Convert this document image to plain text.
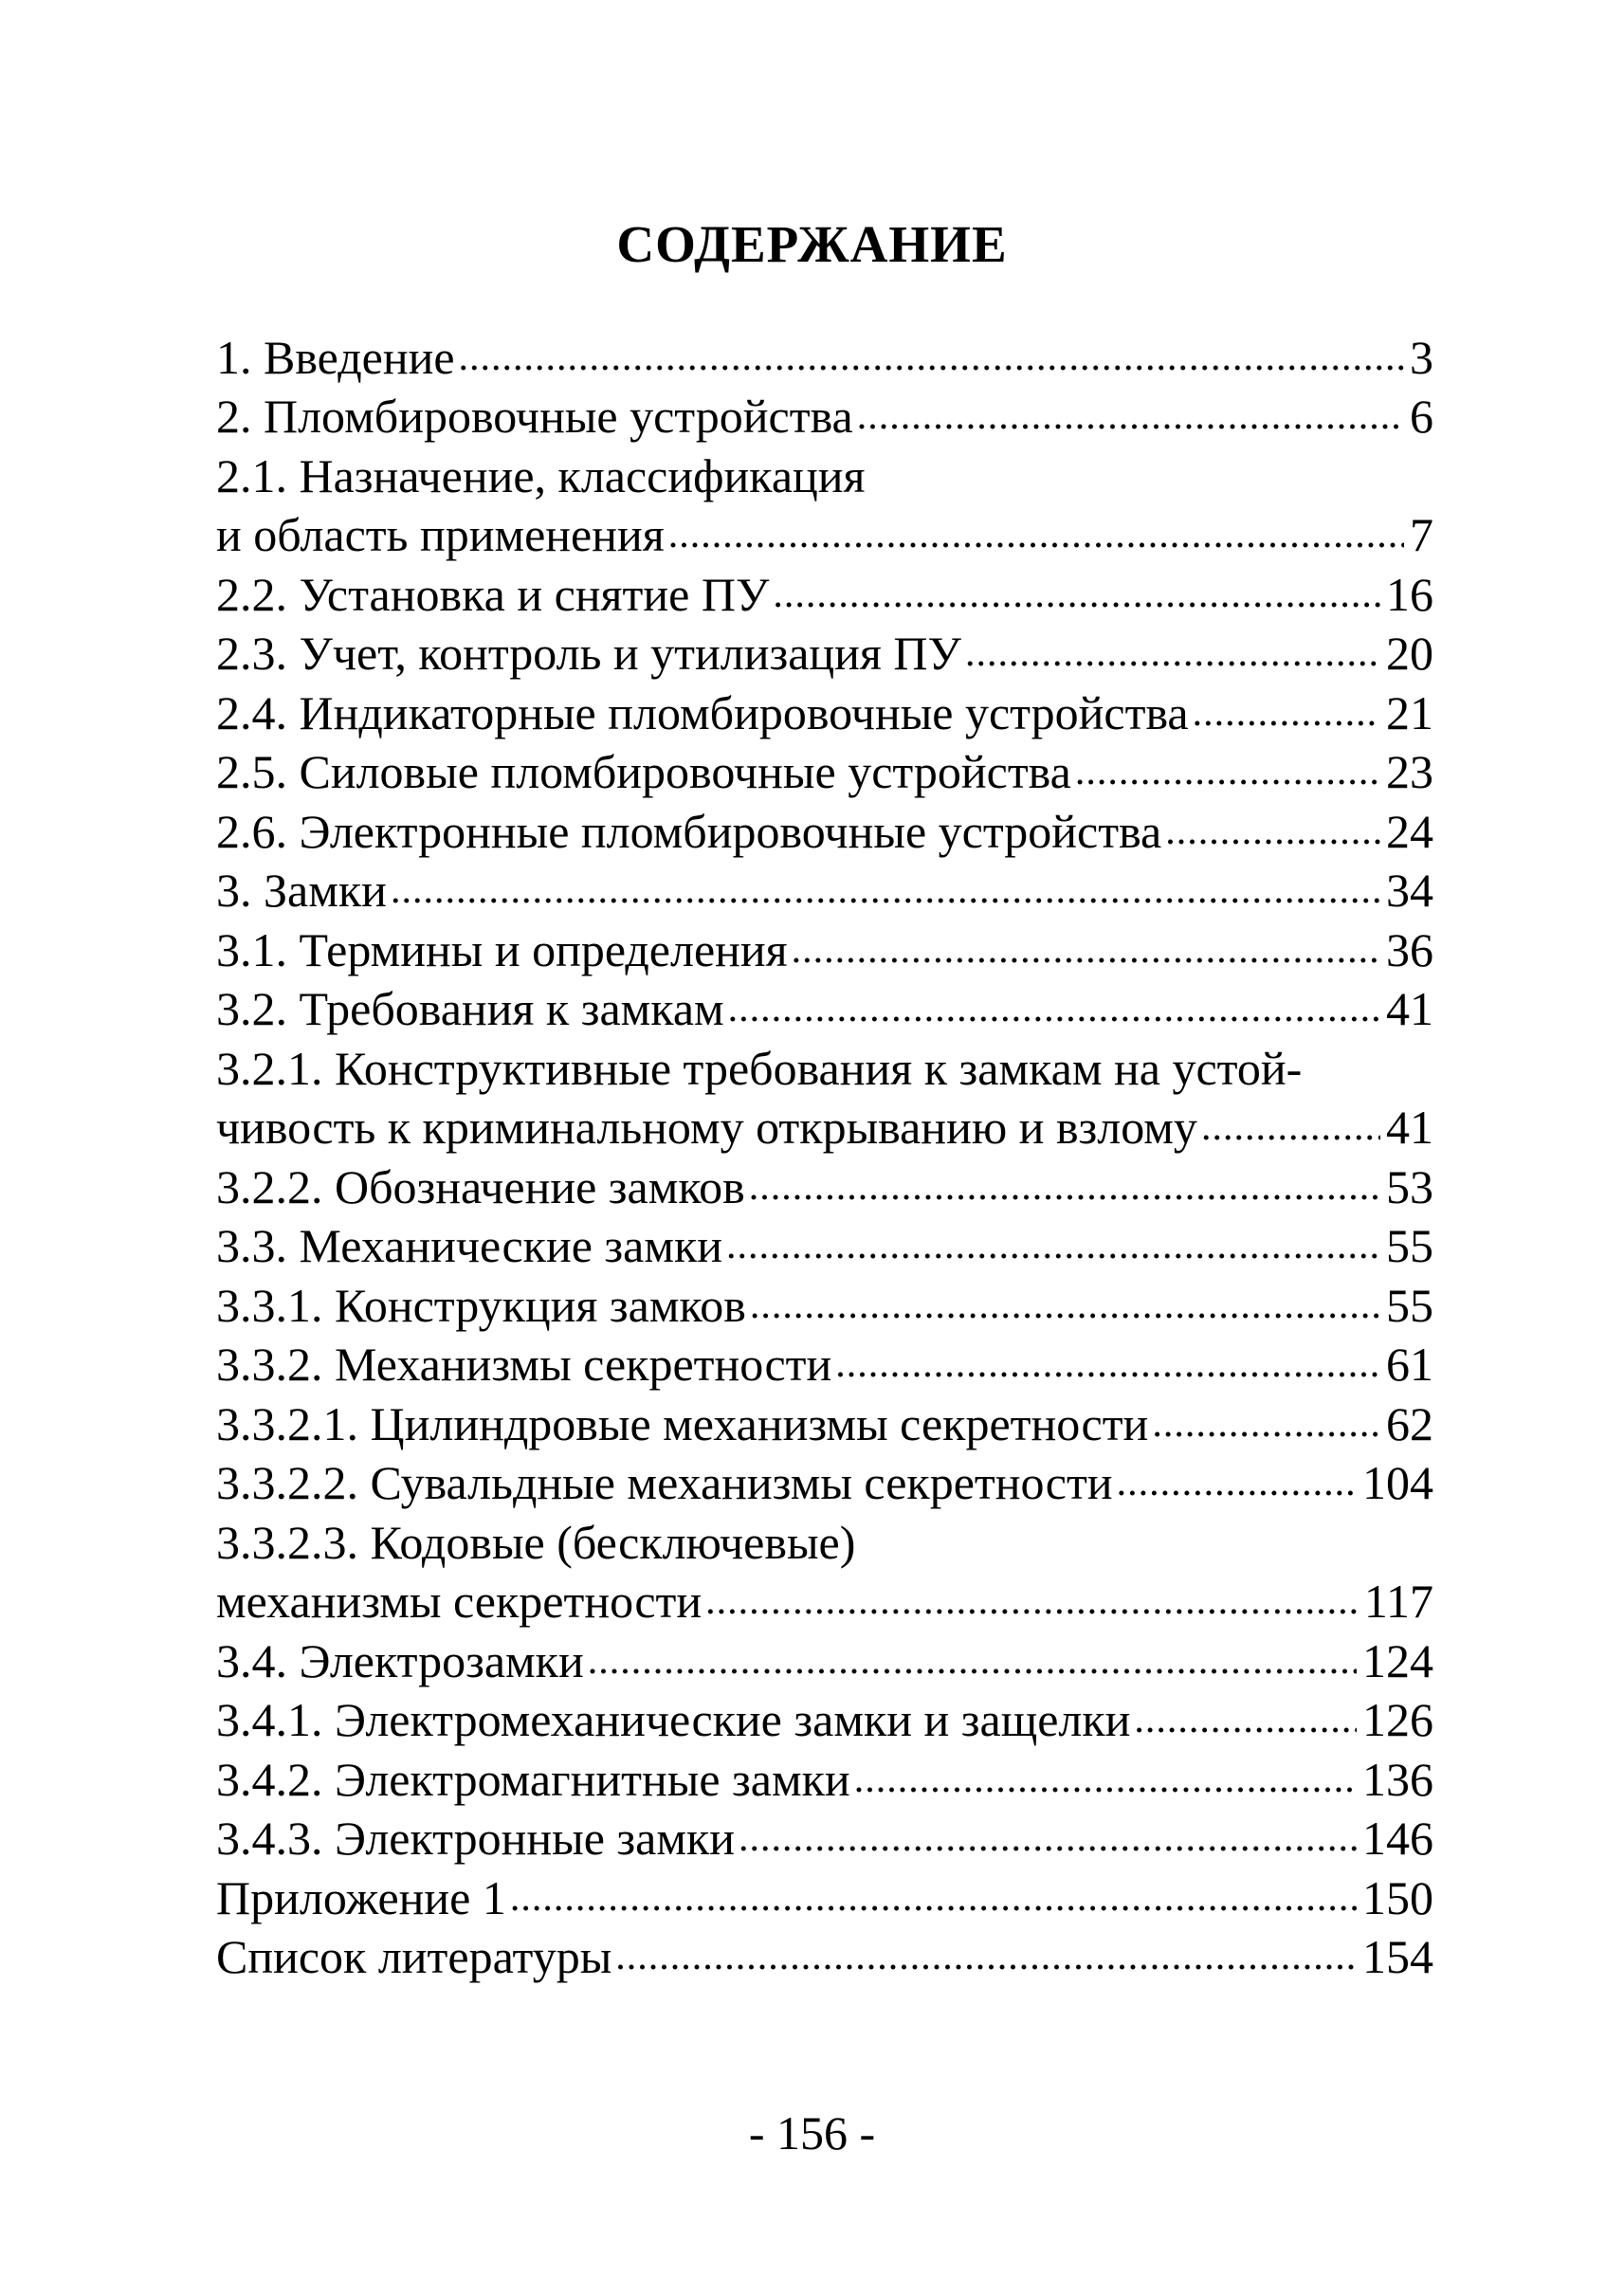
СОДЕРЖАНИЕ
1. Введение .....	3
2. Пломбировочные устройства .....	6
2.1. Назначение, классификация
и область применения .....	7
2.2. Установка и снятие ПУ .....	16
2.3. Учет, контроль и утилизация ПУ .....	20
2.4. Индикаторные пломбировочные устройства .....	21
2.5. Силовые пломбировочные устройства .....	23
2.6. Электронные пломбировочные устройства .....	24
3. Замки .....	34
3.1. Термины и определения .....	36
3.2. Требования к замкам .....	41
3.2.1. Конструктивные требования к замкам на устой-
чивость к криминальному открыванию и взлому .....	41
3.2.2. Обозначение замков .....	53
3.3. Механические замки .....	55
3.3.1. Конструкция замков .....	55
3.3.2. Механизмы секретности .....	61
3.3.2.1. Цилиндровые механизмы секретности .....	62
3.3.2.2. Сувальдные механизмы секретности .....	104
3.3.2.3. Кодовые (бесключевые)
механизмы секретности .....	117
3.4. Электрозамки .....	124
3.4.1. Электромеханические замки и защелки .....	126
3.4.2. Электромагнитные замки .....	136
3.4.3. Электронные замки .....	146
Приложение 1 .....	150
Список литературы .....	154
- 156 -
